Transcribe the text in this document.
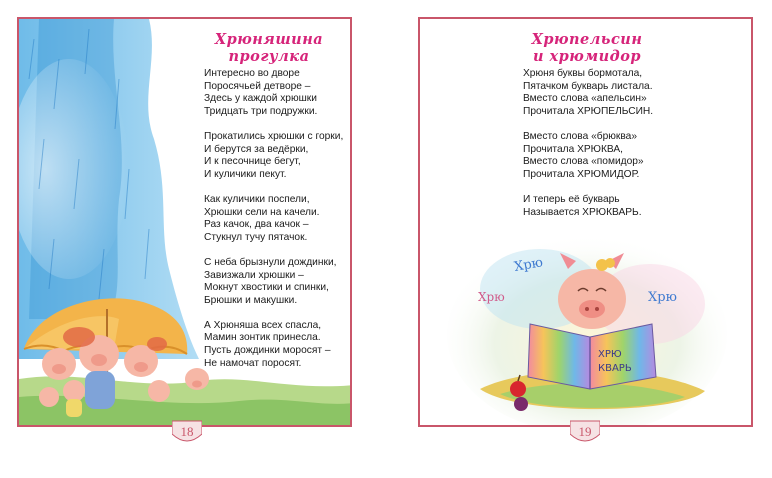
Хрюняшина
прогулка
Интересно во дворе
Поросячьей детворе –
Здесь у каждой хрюшки
Тридцать три подружки.
Прокатились хрюшки с горки,
И берутся за ведёрки,
И к песочнице бегут,
И куличики пекут.
Как куличики поспели,
Хрюшки сели на качели.
Раз качок, два качок –
Стукнул тучу пятачок.
С неба брызнули дождинки,
Завизжали хрюшки –
Мокнут хвостики и спинки,
Брюшки и макушки.
А Хрюняша всех спасла,
Мамин зонтик принесла.
Пусть дождинки моросят –
Не намочат поросят.
ХРЮ
КВАРЬ
Хрю
Хрю	Хрю
Хрюпельсин
и хрюмидор
Хрюня буквы бормотала,
Пятачком букварь листала.
Вместо слова «апельсин»
Прочитала ХРЮПЕЛЬСИН.
Вместо слова «брюква»
Прочитала ХРЮКВА,
Вместо слова «помидор»
Прочитала ХРЮМИДОР.
И теперь её букварь
Называется ХРЮКВАРЬ.
18	19
